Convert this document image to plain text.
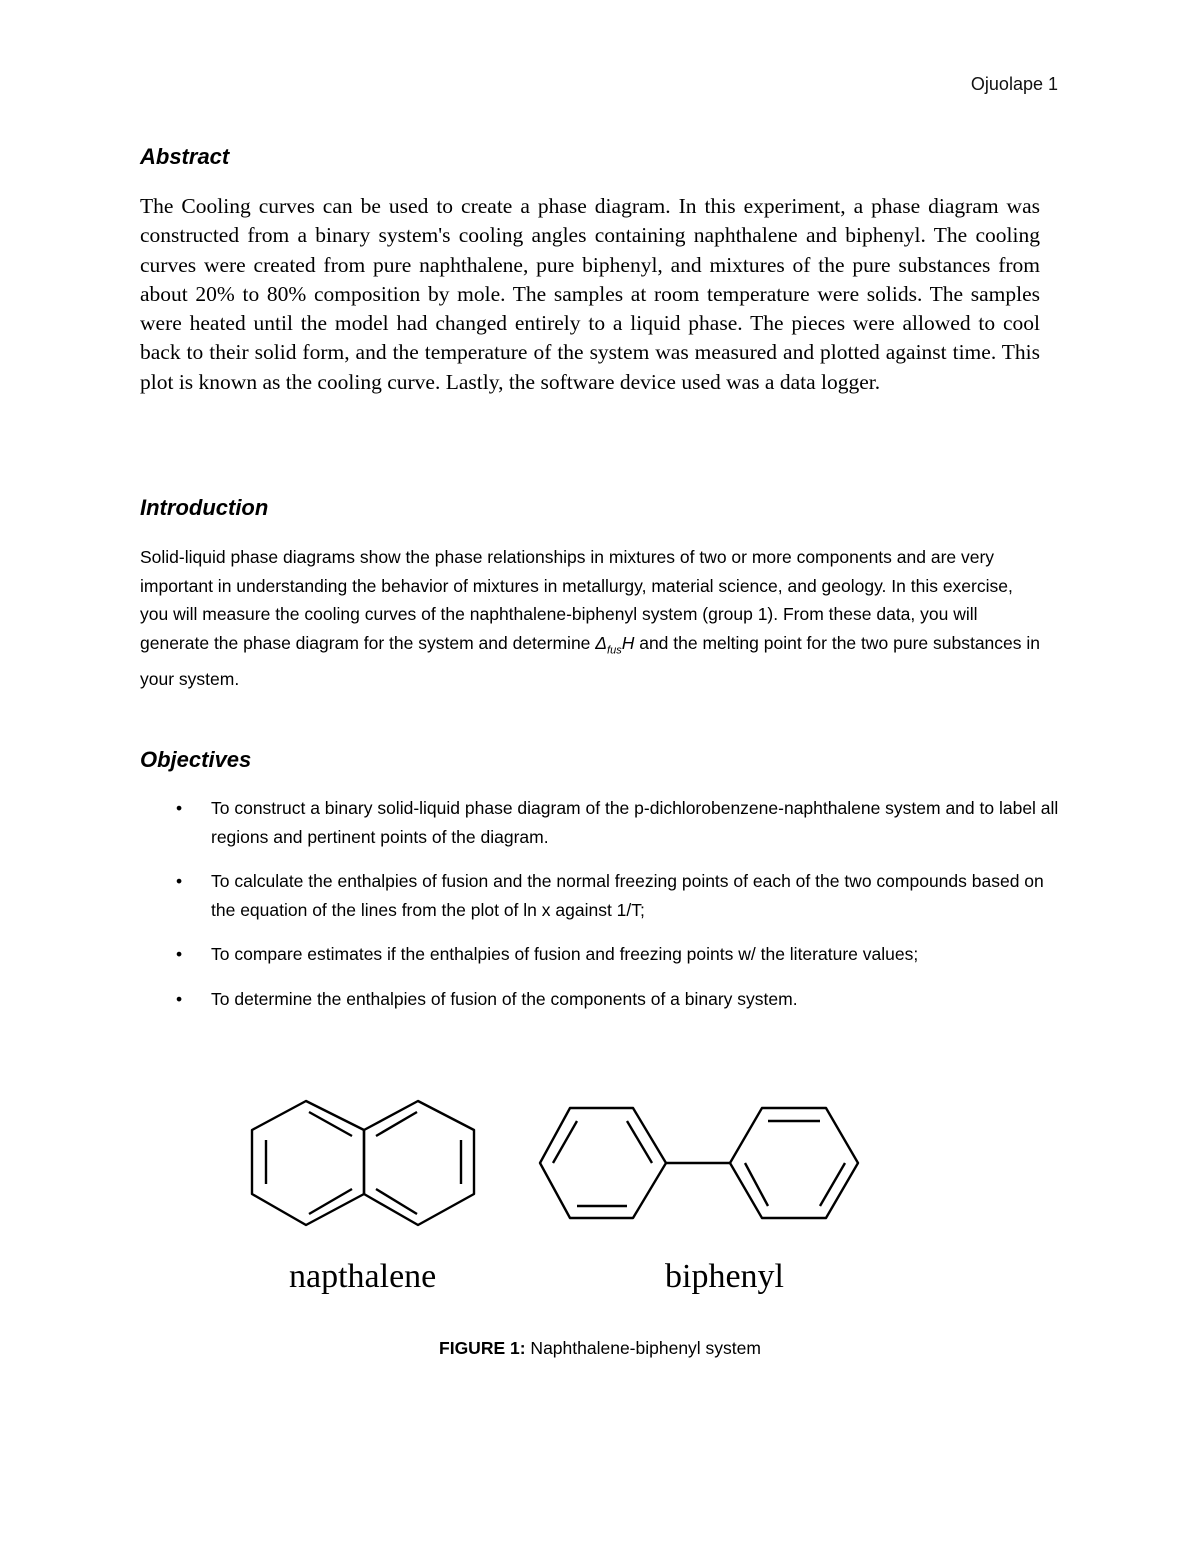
Ojuolape 1
Abstract
The Cooling curves can be used to create a phase diagram. In this experiment, a phase diagram was constructed from a binary system's cooling angles containing naphthalene and biphenyl. The cooling curves were created from pure naphthalene, pure biphenyl, and mixtures of the pure substances from about 20% to 80% composition by mole. The samples at room temperature were solids. The samples were heated until the model had changed entirely to a liquid phase. The pieces were allowed to cool back to their solid form, and the temperature of the system was measured and plotted against time. This plot is known as the cooling curve. Lastly, the software device used was a data logger.
Introduction
Solid-liquid phase diagrams show the phase relationships in mixtures of two or more components and are very important in understanding the behavior of mixtures in metallurgy, material science, and geology. In this exercise, you will measure the cooling curves of the naphthalene-biphenyl system (group 1). From these data, you will generate the phase diagram for the system and determine $\Delta_{fus}H$ and the melting point for the two pure substances in your system.
Objectives
• To construct a binary solid-liquid phase diagram of the p-dichlorobenzene-naphthalene system and to label all regions and pertinent points of the diagram.
• To calculate the enthalpies of fusion and the normal freezing points of each of the two compounds based on the equation of the lines from the plot of ln x against 1/T;
• To compare estimates if the enthalpies of fusion and freezing points w/ the literature values;
• To determine the enthalpies of fusion of the components of a binary system.
napthalene	biphenyl
FIGURE 1: Naphthalene-biphenyl system
